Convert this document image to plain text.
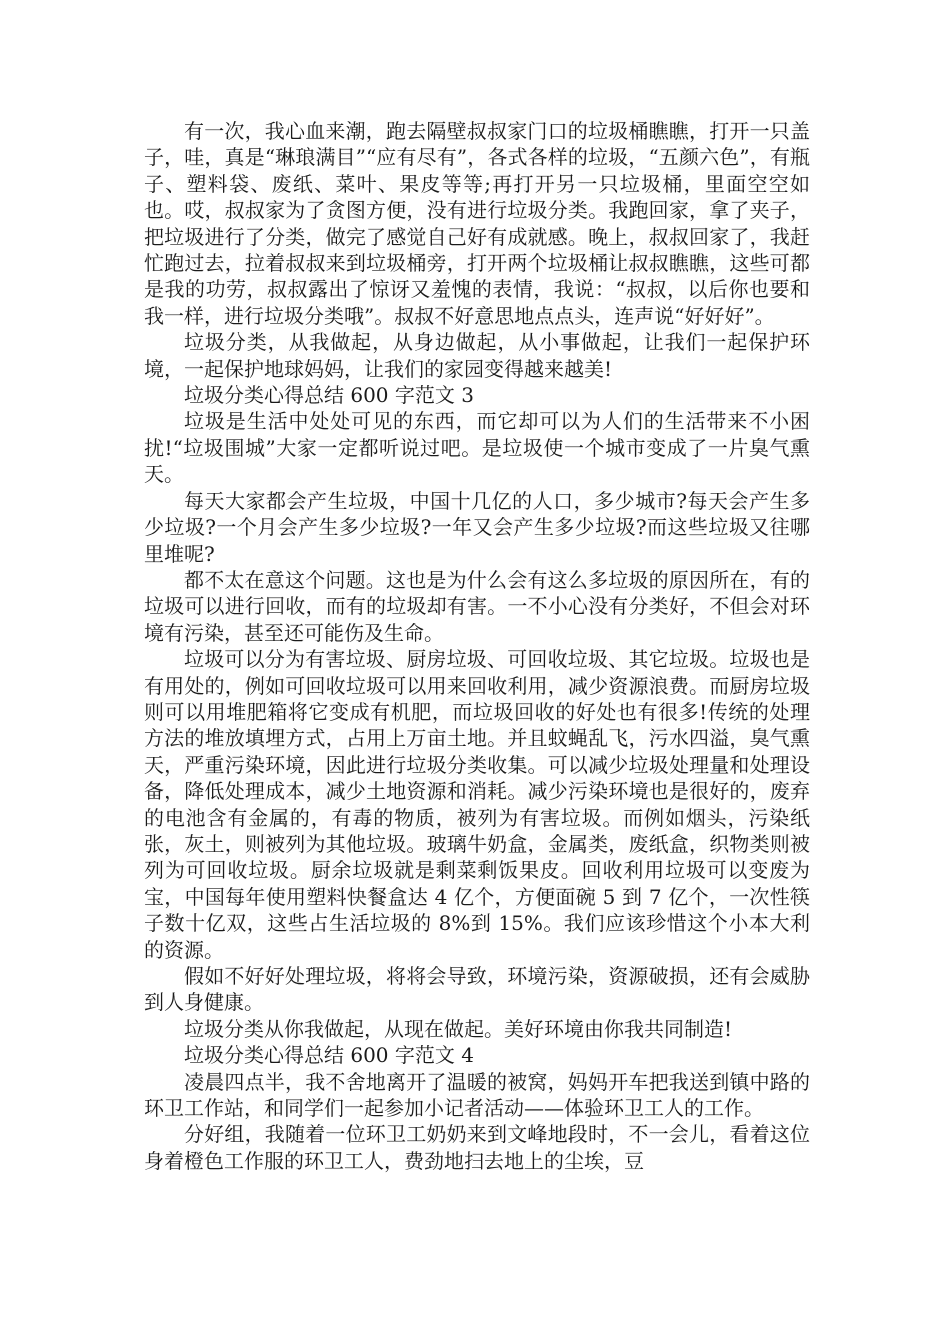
有一次，我心血来潮，跑去隔壁叔叔家门口的垃圾桶瞧瞧，打开一只盖子，哇，真是“琳琅满目”“应有尽有”，各式各样的垃圾，“五颜六色”，有瓶子、塑料袋、废纸、菜叶、果皮等等;再打开另一只垃圾桶，里面空空如也。哎，叔叔家为了贪图方便，没有进行垃圾分类。我跑回家，拿了夹子，把垃圾进行了分类，做完了感觉自己好有成就感。晚上，叔叔回家了，我赶忙跑过去，拉着叔叔来到垃圾桶旁，打开两个垃圾桶让叔叔瞧瞧，这些可都是我的功劳，叔叔露出了惊讶又羞愧的表情，我说：“叔叔，以后你也要和我一样，进行垃圾分类哦”。叔叔不好意思地点点头，连声说“好好好”。

垃圾分类，从我做起，从身边做起，从小事做起，让我们一起保护环境，一起保护地球妈妈，让我们的家园变得越来越美!

垃圾分类心得总结 600 字范文 3

垃圾是生活中处处可见的东西，而它却可以为人们的生活带来不小困扰!“垃圾围城”大家一定都听说过吧。是垃圾使一个城市变成了一片臭气熏天。

每天大家都会产生垃圾，中国十几亿的人口，多少城市?每天会产生多少垃圾?一个月会产生多少垃圾?一年又会产生多少垃圾?而这些垃圾又往哪里堆呢?

都不太在意这个问题。这也是为什么会有这么多垃圾的原因所在，有的垃圾可以进行回收，而有的垃圾却有害。一不小心没有分类好，不但会对环境有污染，甚至还可能伤及生命。

垃圾可以分为有害垃圾、厨房垃圾、可回收垃圾、其它垃圾。垃圾也是有用处的，例如可回收垃圾可以用来回收利用，减少资源浪费。而厨房垃圾则可以用堆肥箱将它变成有机肥，而垃圾回收的好处也有很多!传统的处理方法的堆放填埋方式，占用上万亩土地。并且蚊蝇乱飞，污水四溢，臭气熏天，严重污染环境，因此进行垃圾分类收集。可以减少垃圾处理量和处理设备，降低处理成本，减少土地资源和消耗。减少污染环境也是很好的，废弃的电池含有金属的，有毒的物质，被列为有害垃圾。而例如烟头，污染纸张，灰土，则被列为其他垃圾。玻璃牛奶盒，金属类，废纸盒，织物类则被列为可回收垃圾。厨余垃圾就是剩菜剩饭果皮。回收利用垃圾可以变废为宝，中国每年使用塑料快餐盒达 4 亿个，方便面碗 5 到 7 亿个，一次性筷子数十亿双，这些占生活垃圾的 8%到 15%。我们应该珍惜这个小本大利的资源。

假如不好好处理垃圾，将将会导致，环境污染，资源破损，还有会威胁到人身健康。

垃圾分类从你我做起，从现在做起。美好环境由你我共同制造!

垃圾分类心得总结 600 字范文 4

凌晨四点半，我不舍地离开了温暖的被窝，妈妈开车把我送到镇中路的环卫工作站，和同学们一起参加小记者活动——体验环卫工人的工作。

分好组，我随着一位环卫工奶奶来到文峰地段时，不一会儿，看着这位身着橙色工作服的环卫工人，费劲地扫去地上的尘埃，豆
